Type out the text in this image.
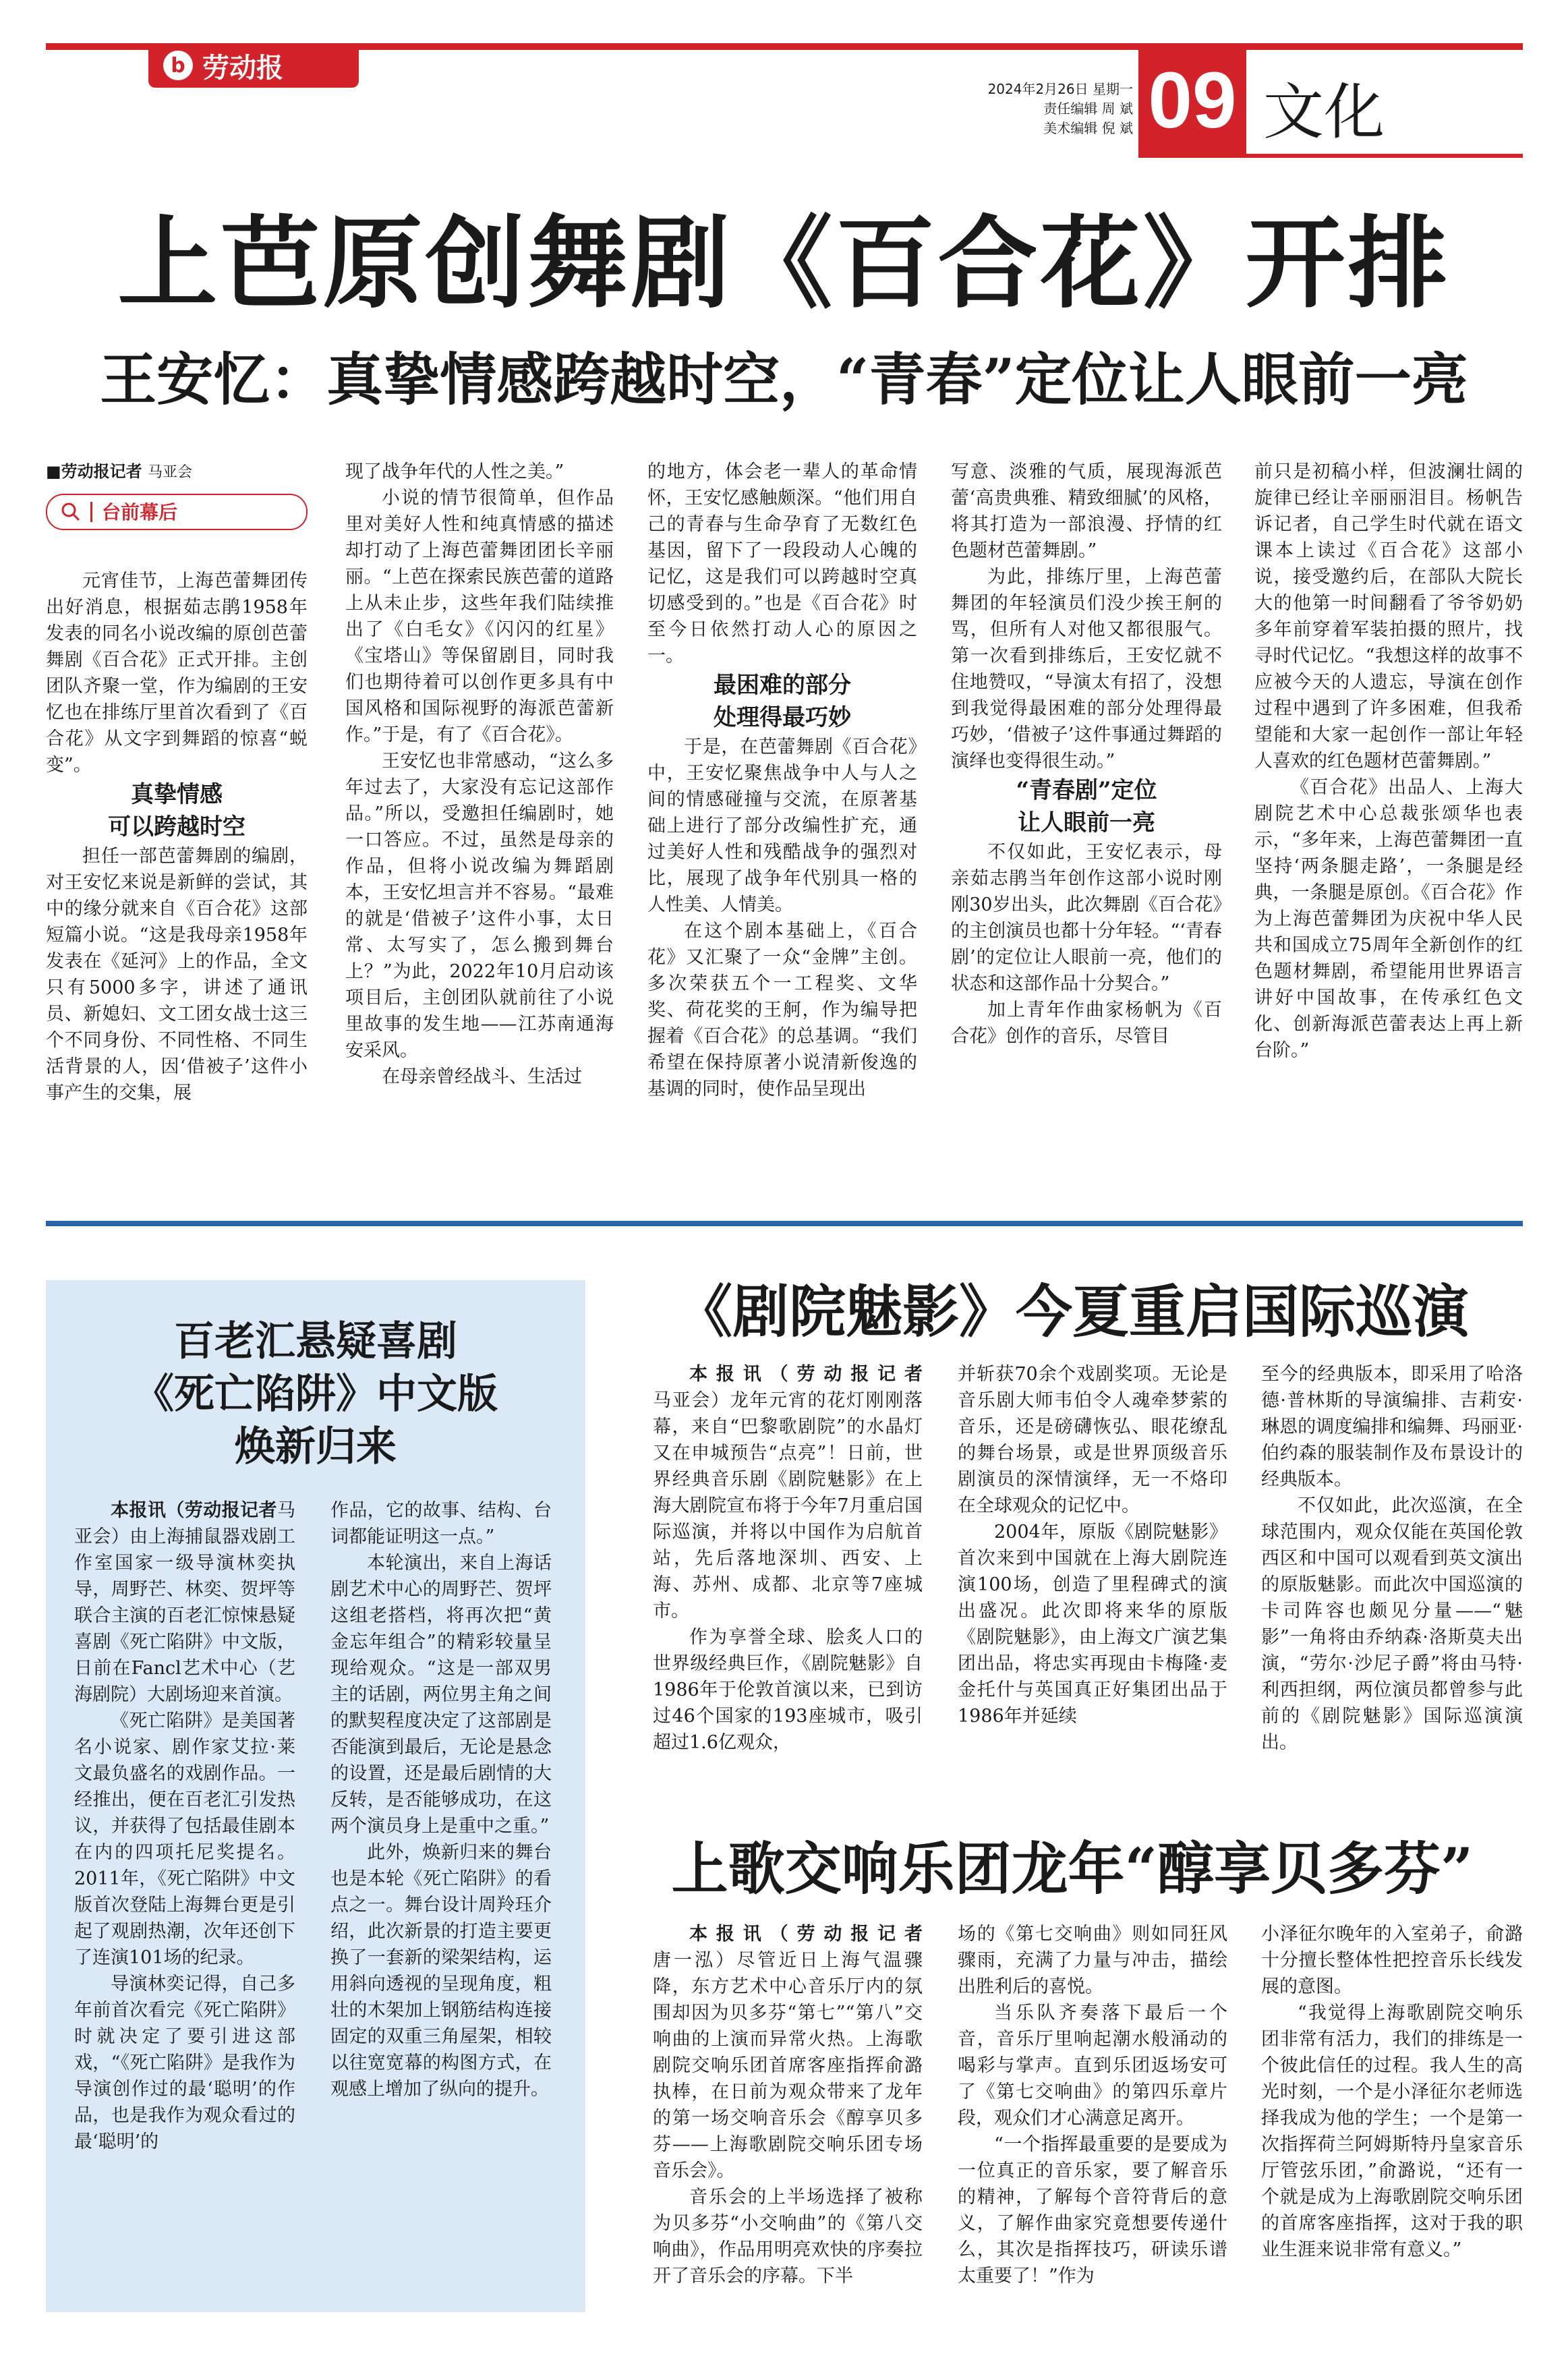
b 劳动报
2024年2月26日 星期一
责任编辑 周 斌
美术编辑 倪 斌 09 文化
上芭原创舞剧《百合花》开排
王安忆：真挚情感跨越时空，“青春”定位让人眼前一亮
■劳动报记者 马亚会
台前幕后

元宵佳节，上海芭蕾舞团传出好消息，根据茹志鹃1958年发表的同名小说改编的原创芭蕾舞剧《百合花》正式开排。主创团队齐聚一堂，作为编剧的王安忆也在排练厅里首次看到了《百合花》从文字到舞蹈的惊喜“蜕变”。

真挚情感
可以跨越时空

担任一部芭蕾舞剧的编剧，对王安忆来说是新鲜的尝试，其中的缘分就来自《百合花》这部短篇小说。“这是我母亲1958年发表在《延河》上的作品，全文只有5000多字，讲述了通讯员、新媳妇、文工团女战士这三个不同身份、不同性格、不同生活背景的人，因‘借被子’这件小事产生的交集，展

现了战争年代的人性之美。”

小说的情节很简单，但作品里对美好人性和纯真情感的描述却打动了上海芭蕾舞团团长辛丽丽。“上芭在探索民族芭蕾的道路上从未止步，这些年我们陆续推出了《白毛女》《闪闪的红星》《宝塔山》等保留剧目，同时我们也期待着可以创作更多具有中国风格和国际视野的海派芭蕾新作。”于是，有了《百合花》。

王安忆也非常感动，“这么多年过去了，大家没有忘记这部作品。”所以，受邀担任编剧时，她一口答应。不过，虽然是母亲的作品，但将小说改编为舞蹈剧本，王安忆坦言并不容易。“最难的就是‘借被子’这件小事，太日常、太写实了，怎么搬到舞台上？”为此，2022年10月启动该项目后，主创团队就前往了小说里故事的发生地——江苏南通海安采风。

在母亲曾经战斗、生活过

的地方，体会老一辈人的革命情怀，王安忆感触颇深。“他们用自己的青春与生命孕育了无数红色基因，留下了一段段动人心魄的记忆，这是我们可以跨越时空真切感受到的。”也是《百合花》时至今日依然打动人心的原因之一。

最困难的部分
处理得最巧妙

于是，在芭蕾舞剧《百合花》中，王安忆聚焦战争中人与人之间的情感碰撞与交流，在原著基础上进行了部分改编性扩充，通过美好人性和残酷战争的强烈对比，展现了战争年代别具一格的人性美、人情美。

在这个剧本基础上，《百合花》又汇聚了一众“金牌”主创。多次荣获五个一工程奖、文华奖、荷花奖的王舸，作为编导把握着《百合花》的总基调。“我们希望在保持原著小说清新俊逸的基调的同时，使作品呈现出

写意、淡雅的气质，展现海派芭蕾‘高贵典雅、精致细腻’的风格，将其打造为一部浪漫、抒情的红色题材芭蕾舞剧。”

为此，排练厅里，上海芭蕾舞团的年轻演员们没少挨王舸的骂，但所有人对他又都很服气。第一次看到排练后，王安忆就不住地赞叹，“导演太有招了，没想到我觉得最困难的部分处理得最巧妙，‘借被子’这件事通过舞蹈的演绎也变得很生动。”

“青春剧”定位
让人眼前一亮

不仅如此，王安忆表示，母亲茹志鹃当年创作这部小说时刚刚30岁出头，此次舞剧《百合花》的主创演员也都十分年轻。“‘青春剧’的定位让人眼前一亮，他们的状态和这部作品十分契合。”

加上青年作曲家杨帆为《百合花》创作的音乐，尽管目

前只是初稿小样，但波澜壮阔的旋律已经让辛丽丽泪目。杨帆告诉记者，自己学生时代就在语文课本上读过《百合花》这部小说，接受邀约后，在部队大院长大的他第一时间翻看了爷爷奶奶多年前穿着军装拍摄的照片，找寻时代记忆。“我想这样的故事不应被今天的人遗忘，导演在创作过程中遇到了许多困难，但我希望能和大家一起创作一部让年轻人喜欢的红色题材芭蕾舞剧。”

《百合花》出品人、上海大剧院艺术中心总裁张颂华也表示，“多年来，上海芭蕾舞团一直坚持‘两条腿走路’，一条腿是经典，一条腿是原创。《百合花》作为上海芭蕾舞团为庆祝中华人民共和国成立75周年全新创作的红色题材舞剧，希望能用世界语言讲好中国故事，在传承红色文化、创新海派芭蕾表达上再上新台阶。”

百老汇悬疑喜剧
《死亡陷阱》中文版
焕新归来

本报讯（劳动报记者马亚会）由上海捕鼠器戏剧工作室国家一级导演林奕执导，周野芒、林奕、贺坪等联合主演的百老汇惊悚悬疑喜剧《死亡陷阱》中文版，日前在Fancl艺术中心（艺海剧院）大剧场迎来首演。

《死亡陷阱》是美国著名小说家、剧作家艾拉·莱文最负盛名的戏剧作品。一经推出，便在百老汇引发热议，并获得了包括最佳剧本在内的四项托尼奖提名。2011年，《死亡陷阱》中文版首次登陆上海舞台更是引起了观剧热潮，次年还创下了连演101场的纪录。

导演林奕记得，自己多年前首次看完《死亡陷阱》时就决定了要引进这部戏，“《死亡陷阱》是我作为导演创作过的最‘聪明’的作品，也是我作为观众看过的最‘聪明’的

作品，它的故事、结构、台词都能证明这一点。”

本轮演出，来自上海话剧艺术中心的周野芒、贺坪这组老搭档，将再次把“黄金忘年组合”的精彩较量呈现给观众。“这是一部双男主的话剧，两位男主角之间的默契程度决定了这部剧是否能演到最后，无论是悬念的设置，还是最后剧情的大反转，是否能够成功，在这两个演员身上是重中之重。”

此外，焕新归来的舞台也是本轮《死亡陷阱》的看点之一。舞台设计周羚珏介绍，此次新景的打造主要更换了一套新的梁架结构，运用斜向透视的呈现角度，粗壮的木架加上钢筋结构连接固定的双重三角屋架，相较以往宽宽幕的构图方式，在观感上增加了纵向的提升。

《剧院魅影》今夏重启国际巡演

本报讯（劳动报记者马亚会）龙年元宵的花灯刚刚落幕，来自“巴黎歌剧院”的水晶灯又在申城预告“点亮”！日前，世界经典音乐剧《剧院魅影》在上海大剧院宣布将于今年7月重启国际巡演，并将以中国作为启航首站，先后落地深圳、西安、上海、苏州、成都、北京等7座城市。

作为享誉全球、脍炙人口的世界级经典巨作，《剧院魅影》自1986年于伦敦首演以来，已到访过46个国家的193座城市，吸引超过1.6亿观众，

并斩获70余个戏剧奖项。无论是音乐剧大师韦伯令人魂牵梦萦的音乐，还是磅礴恢弘、眼花缭乱的舞台场景，或是世界顶级音乐剧演员的深情演绎，无一不烙印在全球观众的记忆中。

2004年，原版《剧院魅影》首次来到中国就在上海大剧院连演100场，创造了里程碑式的演出盛况。此次即将来华的原版《剧院魅影》，由上海文广演艺集团出品，将忠实再现由卡梅隆·麦金托什与英国真正好集团出品于1986年并延续

至今的经典版本，即采用了哈洛德·普林斯的导演编排、吉莉安·琳恩的调度编排和编舞、玛丽亚·伯约森的服装制作及布景设计的经典版本。

不仅如此，此次巡演，在全球范围内，观众仅能在英国伦敦西区和中国可以观看到英文演出的原版魅影。而此次中国巡演的卡司阵容也颇见分量——“魅影”一角将由乔纳森·洛斯莫夫出演，“劳尔·沙尼子爵”将由马特·利西担纲，两位演员都曾参与此前的《剧院魅影》国际巡演演出。

上歌交响乐团龙年“醇享贝多芬”

本报讯（劳动报记者唐一泓）尽管近日上海气温骤降，东方艺术中心音乐厅内的氛围却因为贝多芬“第七”“第八”交响曲的上演而异常火热。上海歌剧院交响乐团首席客座指挥俞潞执棒，在日前为观众带来了龙年的第一场交响音乐会《醇享贝多芬——上海歌剧院交响乐团专场音乐会》。

音乐会的上半场选择了被称为贝多芬“小交响曲”的《第八交响曲》，作品用明亮欢快的序奏拉开了音乐会的序幕。下半

场的《第七交响曲》则如同狂风骤雨，充满了力量与冲击，描绘出胜利后的喜悦。

当乐队齐奏落下最后一个音，音乐厅里响起潮水般涌动的喝彩与掌声。直到乐团返场安可了《第七交响曲》的第四乐章片段，观众们才心满意足离开。

“一个指挥最重要的是要成为一位真正的音乐家，要了解音乐的精神，了解每个音符背后的意义，了解作曲家究竟想要传递什么，其次是指挥技巧，研读乐谱太重要了！”作为

小泽征尔晚年的入室弟子，俞潞十分擅长整体性把控音乐长线发展的意图。

“我觉得上海歌剧院交响乐团非常有活力，我们的排练是一个彼此信任的过程。我人生的高光时刻，一个是小泽征尔老师选择我成为他的学生；一个是第一次指挥荷兰阿姆斯特丹皇家音乐厅管弦乐团，”俞潞说，“还有一个就是成为上海歌剧院交响乐团的首席客座指挥，这对于我的职业生涯来说非常有意义。”
